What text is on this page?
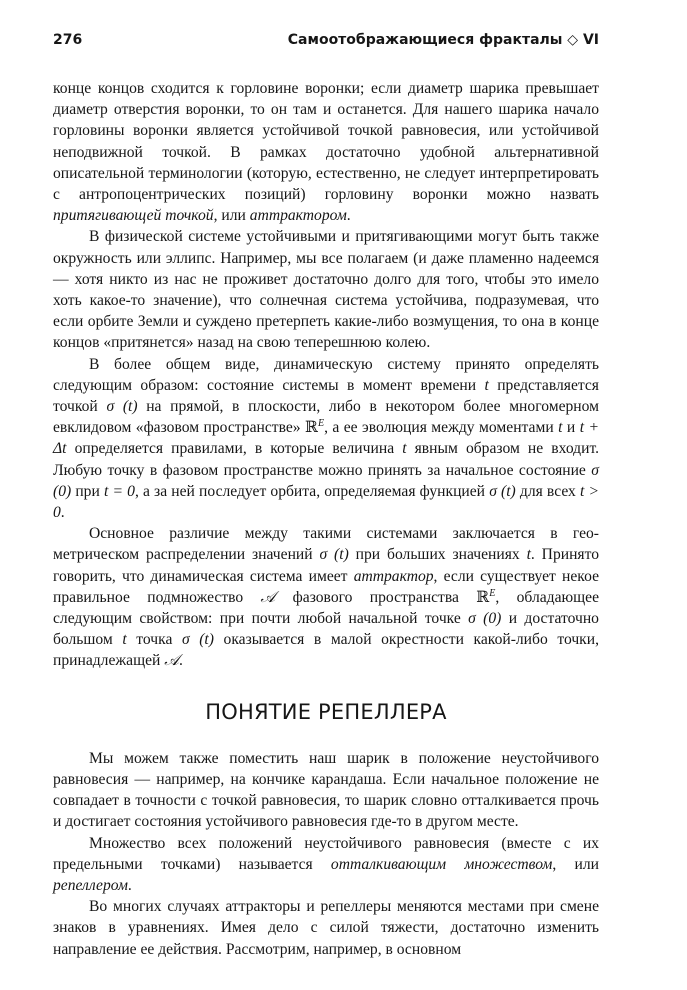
276	Самоотображающиеся фракталы ◇ VI

конце концов сходится к горловине воронки; если диаметр шарика превышает диаметр отверстия воронки, то он там и останется. Для нашего шарика начало горловины воронки является устойчивой точкой равновесия, или устойчивой неподвижной точкой. В рамках достаточно удобной альтернативной описательной терминологии (которую, естественно, не следует интерпретировать с антропоцентрических позиций) горловину воронки можно назвать притягивающей точкой, или аттрактором.

В физической системе устойчивыми и притягивающими могут быть также окружность или эллипс. Например, мы все полагаем (и даже пламенно надеемся — хотя никто из нас не проживет достаточно долго для того, чтобы это имело хоть какое-то значение), что солнечная система устойчива, подразумевая, что если орбите Земли и суждено претерпеть какие-либо возмущения, то она в конце концов «притянется» назад на свою теперешнюю колею.

В более общем виде, динамическую систему принято определять следующим образом: состояние системы в момент времени t представляется точкой σ (t) на прямой, в плоскости, либо в некотором более многомерном евклидовом «фазовом пространстве» ℝ$^E$, а ее эволюция между моментами t и t + Δt определяется правилами, в которые величина t явным образом не входит. Любую точку в фазовом пространстве можно принять за начальное состояние σ (0) при t = 0, а за ней последует орбита, определяемая функцией σ (t) для всех t > 0.

Основное различие между такими системами заключается в геометрическом распределении значений σ (t) при больших значениях t. Принято говорить, что динамическая система имеет аттрактор, если существует некое правильное подмножество 𝒜 фазового пространства ℝ$^E$, обладающее следующим свойством: при почти любой начальной точке σ (0) и достаточно большом t точка σ (t) оказывается в малой окрестности какой-либо точки, принадлежащей 𝒜.

ПОНЯТИЕ РЕПЕЛЛЕРА

Мы можем также поместить наш шарик в положение неустойчивого равновесия — например, на кончике карандаша. Если начальное положение не совпадает в точности с точкой равновесия, то шарик словно отталкивается прочь и достигает состояния устойчивого равновесия где-то в другом месте.

Множество всех положений неустойчивого равновесия (вместе с их предельными точками) называется отталкивающим множеством, или репеллером.

Во многих случаях аттракторы и репеллеры меняются местами при смене знаков в уравнениях. Имея дело с силой тяжести, достаточно изменить направление ее действия. Рассмотрим, например, в основном
